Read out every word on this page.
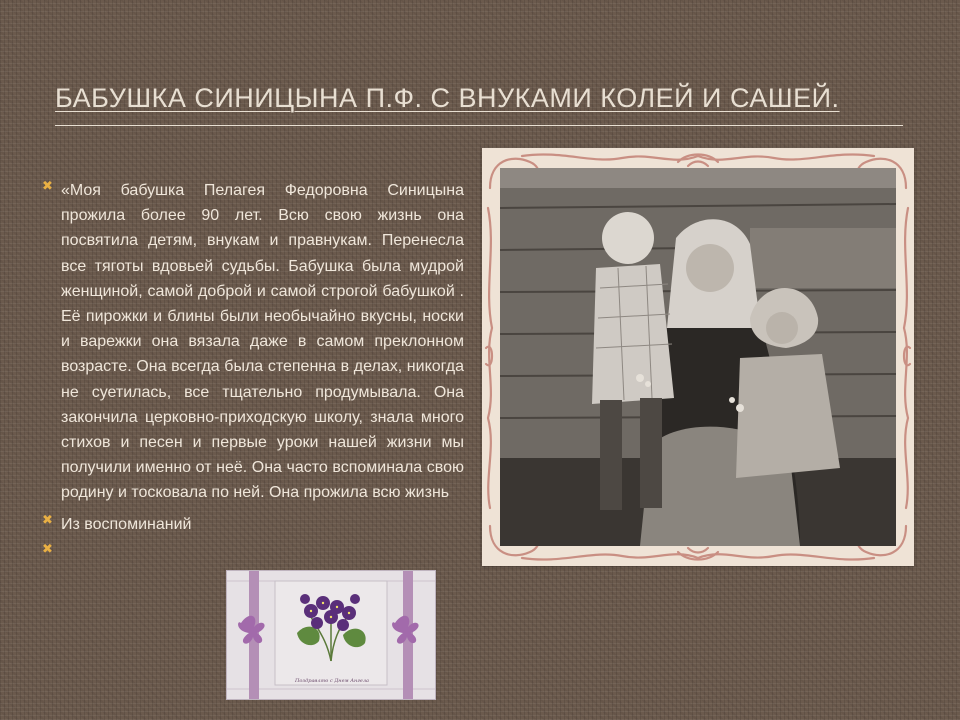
БАБУШКА СИНИЦЫНА П.Ф. С ВНУКАМИ КОЛЕЙ И САШЕЙ.
✖ «Моя бабушка Пелагея Федоровна Синицына прожила более 90 лет. Всю свою жизнь она посвятила детям, внукам и правнукам. Перенесла все тяготы вдовьей судьбы. Бабушка была мудрой женщиной, самой доброй и самой строгой бабушкой . Её пирожки и блины были необычайно вкусны, носки и варежки она вязала даже в самом преклонном возрасте. Она всегда была степенна в делах, никогда не суетилась, все тщательно продумывала. Она закончила церковно-приходскую школу, знала много стихов и песен и первые уроки нашей жизни мы получили именно от неё. Она часто вспоминала свою родину и тосковала по ней. Она прожила всю жизнь

✖ Из воспоминаний
✖
Поздравляю с Днем Ангела
